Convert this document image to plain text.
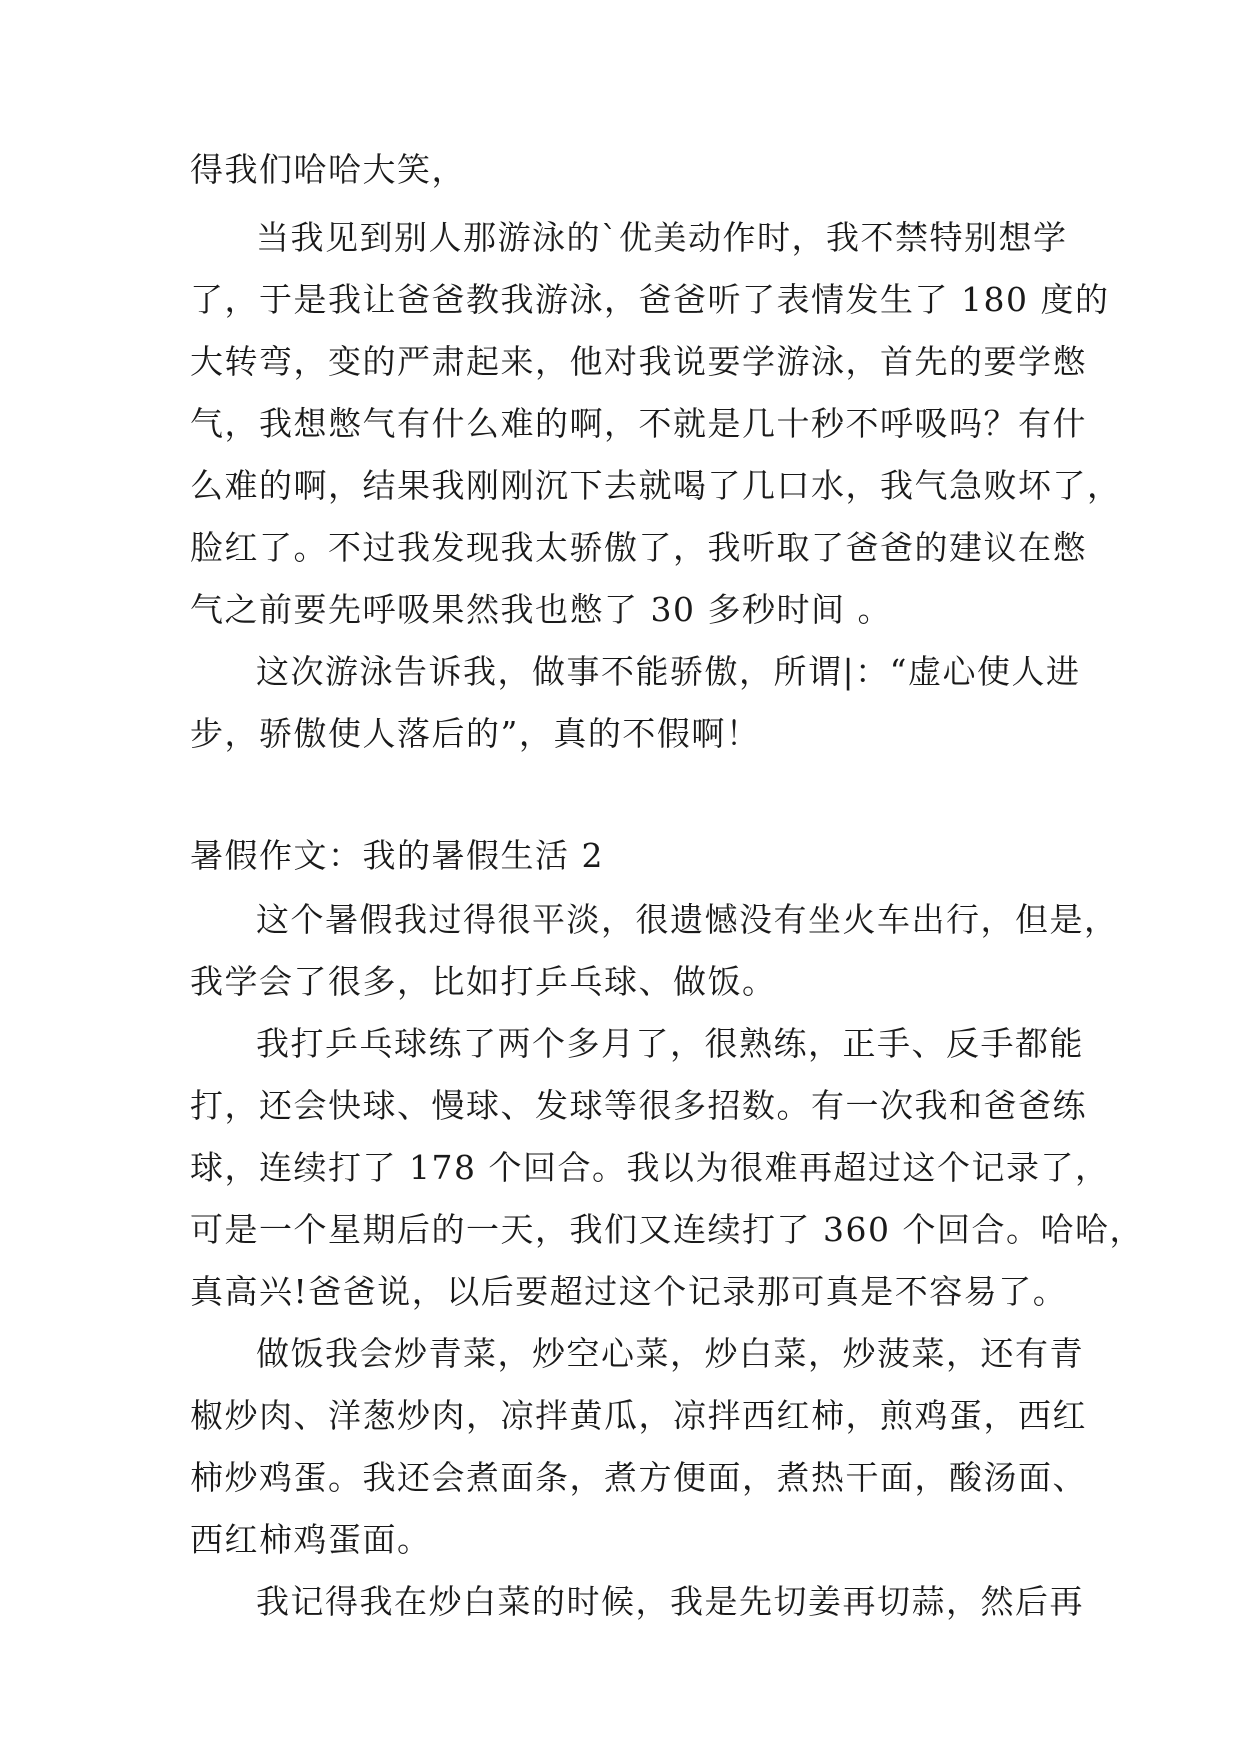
得我们哈哈大笑，
当我见到别人那游泳的`优美动作时，我不禁特别想学
了，于是我让爸爸教我游泳，爸爸听了表情发生了 180 度的
大转弯，变的严肃起来，他对我说要学游泳，首先的要学憋
气，我想憋气有什么难的啊，不就是几十秒不呼吸吗？有什
么难的啊，结果我刚刚沉下去就喝了几口水，我气急败坏了，
脸红了。不过我发现我太骄傲了，我听取了爸爸的建议在憋
气之前要先呼吸果然我也憋了 30 多秒时间 。
这次游泳告诉我，做事不能骄傲，所谓|：“虚心使人进
步，骄傲使人落后的”，真的不假啊！
暑假作文：我的暑假生活 2
这个暑假我过得很平淡，很遗憾没有坐火车出行，但是，
我学会了很多，比如打乒乓球、做饭。
我打乒乓球练了两个多月了，很熟练，正手、反手都能
打，还会快球、慢球、发球等很多招数。有一次我和爸爸练
球，连续打了 178 个回合。我以为很难再超过这个记录了，
可是一个星期后的一天，我们又连续打了 360 个回合。哈哈，
真高兴!爸爸说，以后要超过这个记录那可真是不容易了。
做饭我会炒青菜，炒空心菜，炒白菜，炒菠菜，还有青
椒炒肉、洋葱炒肉，凉拌黄瓜，凉拌西红柿，煎鸡蛋，西红
柿炒鸡蛋。我还会煮面条，煮方便面，煮热干面，酸汤面、
西红柿鸡蛋面。
我记得我在炒白菜的时候，我是先切姜再切蒜，然后再
